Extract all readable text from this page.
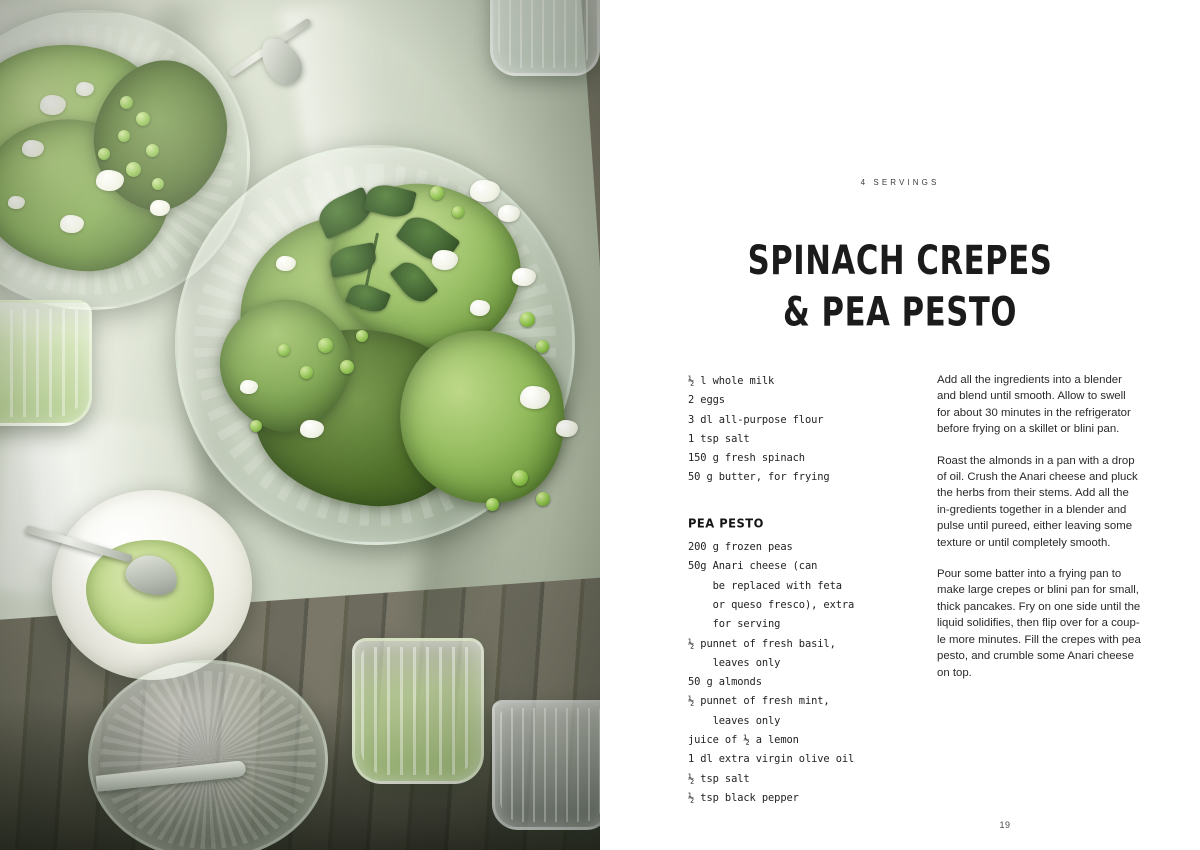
4 SERVINGS
SPINACH CREPES
& PEA PESTO
½ l whole milk
2 eggs
3 dl all-purpose flour
1 tsp salt
150 g fresh spinach
50 g butter, for frying
PEA PESTO
200 g frozen peas
50g Anari cheese (can
be replaced with feta
or queso fresco), extra
for serving
½ punnet of fresh basil,
leaves only
50 g almonds
½ punnet of fresh mint,
leaves only
juice of ½ a lemon
1 dl extra virgin olive oil
½ tsp salt
½ tsp black pepper

Add all the ingredients into a blender and blend until smooth. Allow to swell for about 30 minutes in the refrigerator before frying on a skillet or blini pan.

Roast the almonds in a pan with a drop of oil. Crush the Anari cheese and pluck the herbs from their stems. Add all the in-gredients together in a blender and pulse until pureed, either leaving some texture or until completely smooth.

Pour some batter into a frying pan to make large crepes or blini pan for small, thick pancakes. Fry on one side until the liquid solidifies, then flip over for a coup-le more minutes. Fill the crepes with pea pesto, and crumble some Anari cheese on top.

19
